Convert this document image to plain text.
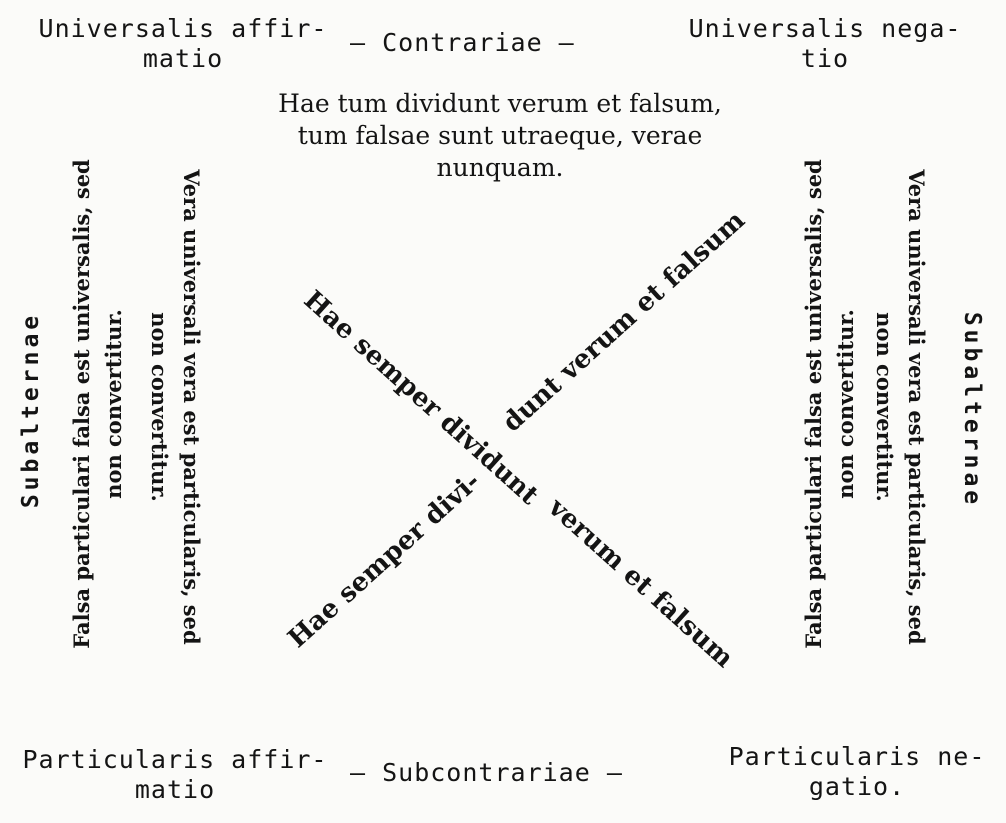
Universalis affir-
matio
— Contrariae —	Universalis nega-
tio
Hae tum dividunt verum et falsum,
tum falsae sunt utraeque, verae
nunquam.
Subalternae Falsa particulari falsa est universalis, sed non convertitur.	Vera universali vera est particularis, sed
non convertitur.	Hae semper dividunt
verum et falsum
Hae semper divi-
dunt verum et falsum Falsa particulari falsa est universalis, sed non convertitur. Vera universali vera est particularis, sed
non convertitur.	Subalternae
Particularis affir-
matio
— Subcontrariae —
Particularis ne-
gatio.
